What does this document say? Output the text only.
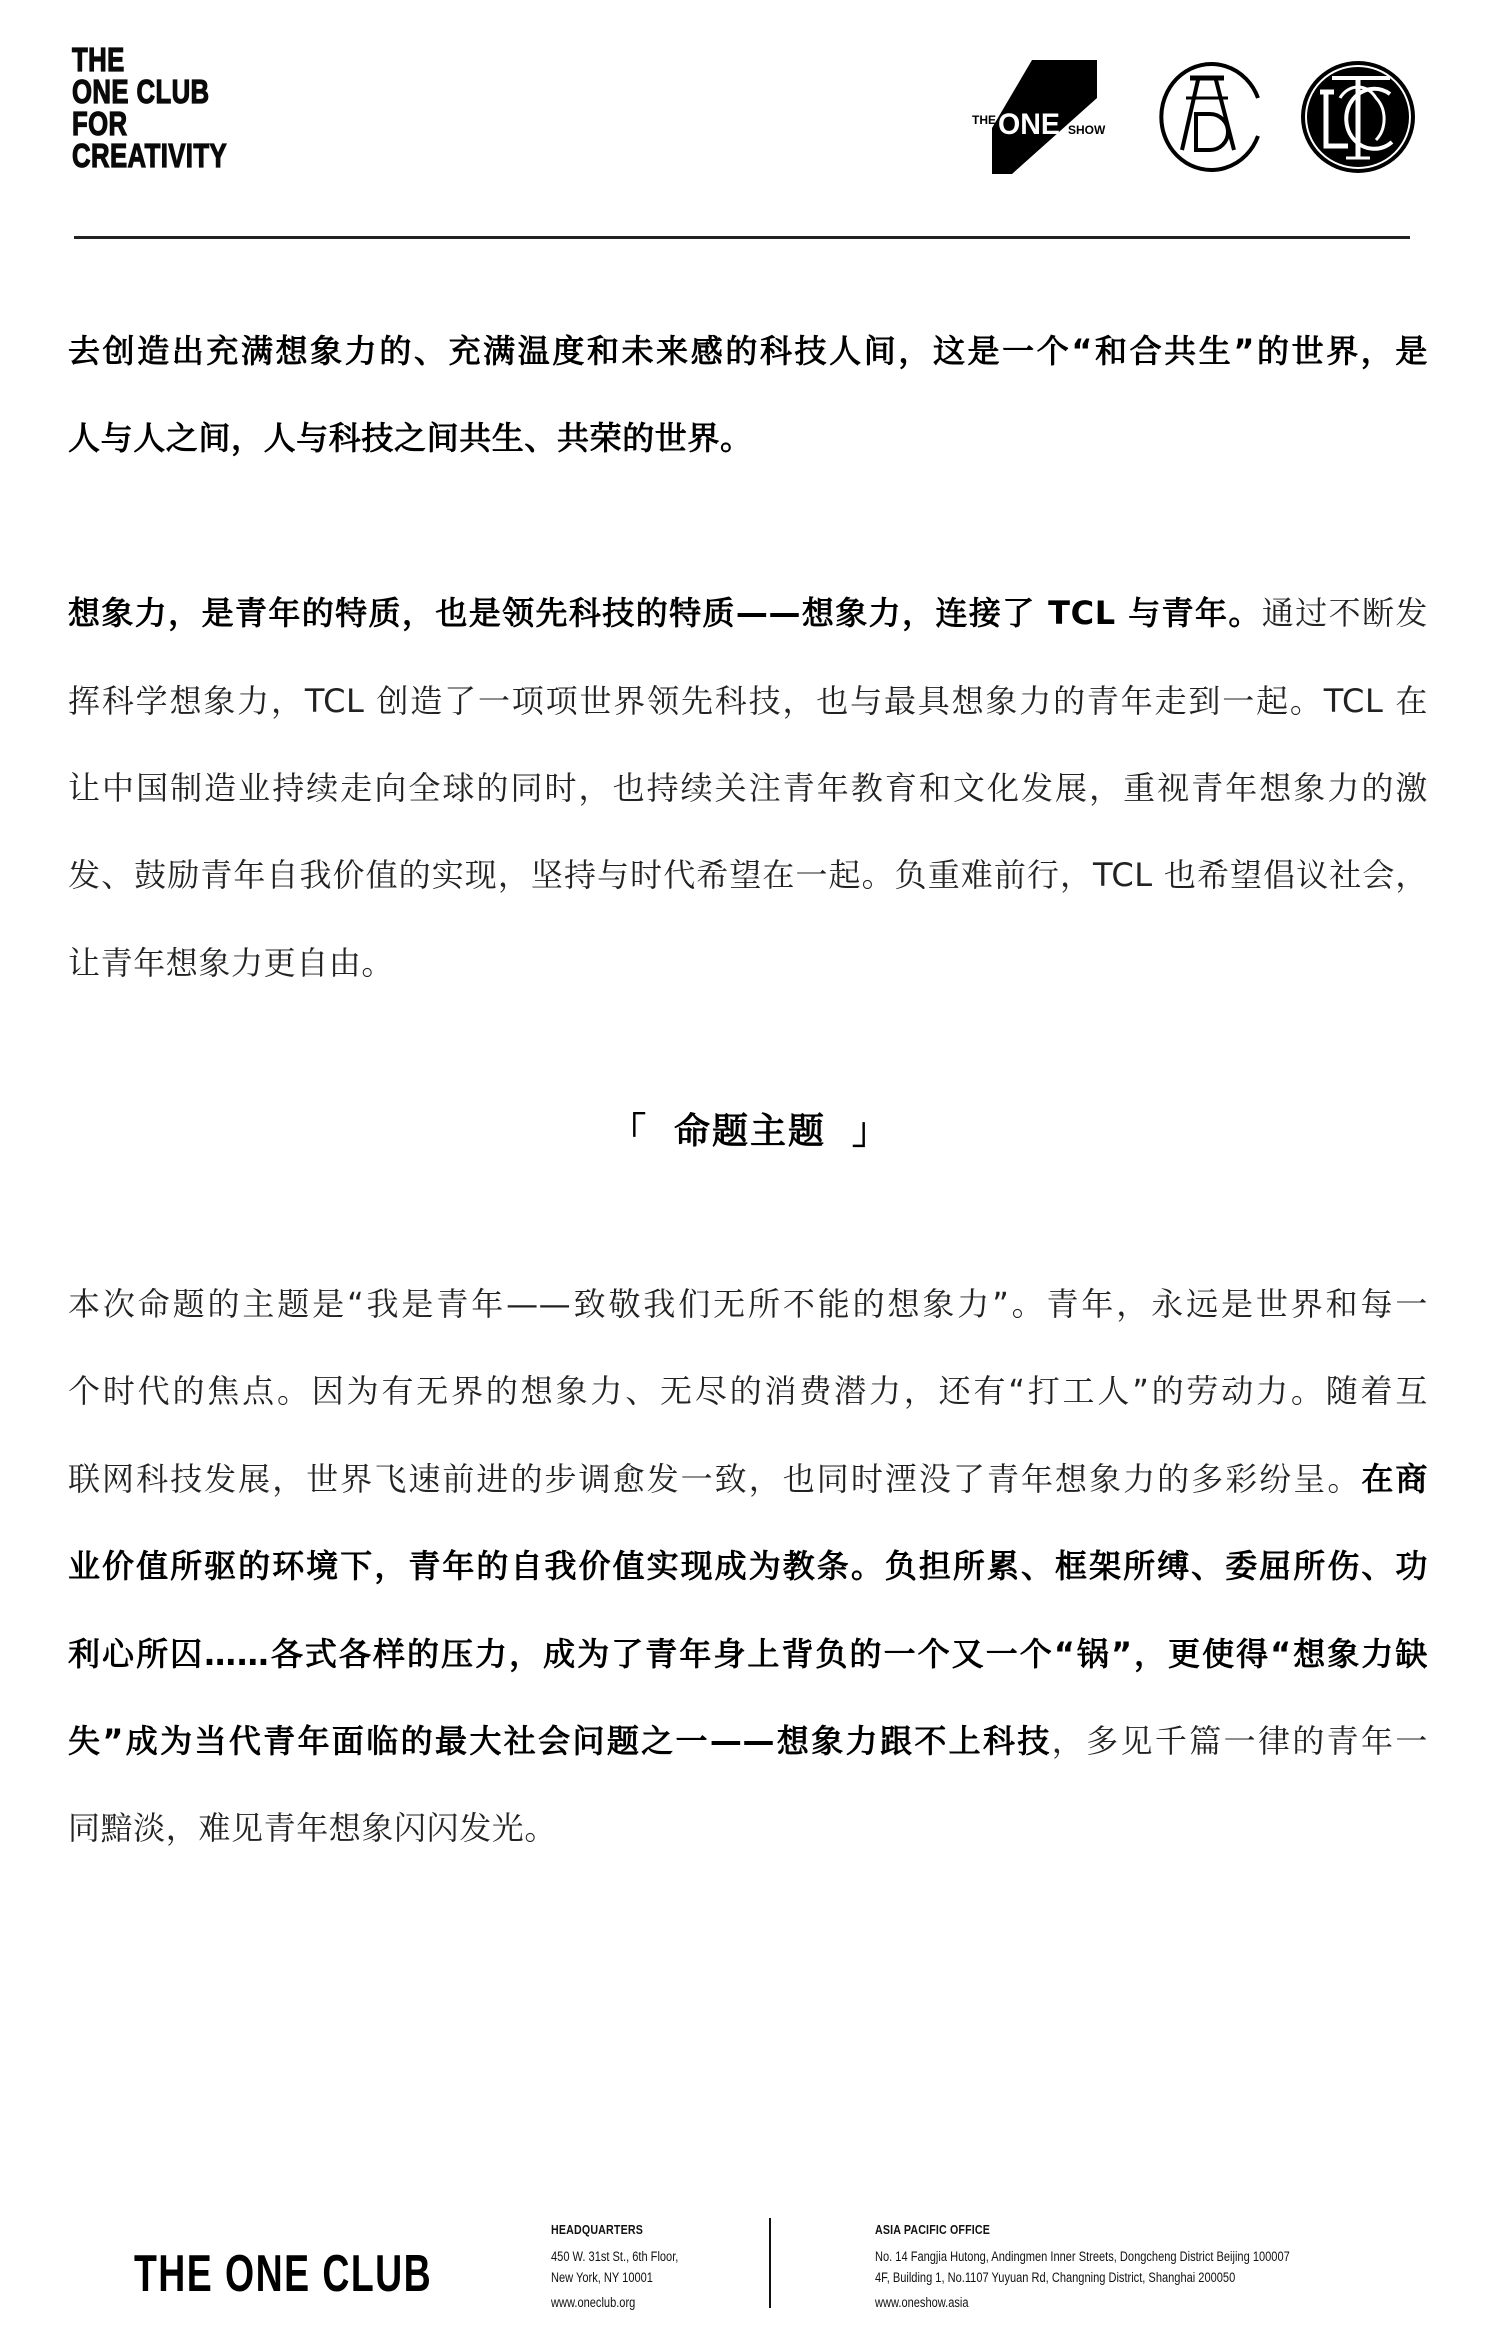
THE
ONE CLUB
FOR
CREATIVITY
THE ONE SHOW
去创造出充满想象力的、充满温度和未来感的科技人间，这是一个“和合共生”的世界，是
人与人之间，人与科技之间共生、共荣的世界。
想象力，是青年的特质，也是领先科技的特质——想象力，连接了 TCL 与青年。通过不断发
挥科学想象力，TCL 创造了一项项世界领先科技，也与最具想象力的青年走到一起。TCL 在
让中国制造业持续走向全球的同时，也持续关注青年教育和文化发展，重视青年想象力的激
发、鼓励青年自我价值的实现，坚持与时代希望在一起。负重难前行，TCL 也希望倡议社会，
让青年想象力更自由。
「 命题主题 」
本次命题的主题是“我是青年——致敬我们无所不能的想象力”。青年，永远是世界和每一
个时代的焦点。因为有无界的想象力、无尽的消费潜力，还有“打工人”的劳动力。随着互
联网科技发展，世界飞速前进的步调愈发一致，也同时湮没了青年想象力的多彩纷呈。在商
业价值所驱的环境下，青年的自我价值实现成为教条。负担所累、框架所缚、委屈所伤、功
利心所囚……各式各样的压力，成为了青年身上背负的一个又一个“锅”，更使得“想象力缺
失”成为当代青年面临的最大社会问题之一——想象力跟不上科技，多见千篇一律的青年一
同黯淡，难见青年想象闪闪发光。
THE ONE CLUB
HEADQUARTERS
450 W. 31st St., 6th Floor,
New York, NY 10001
www.oneclub.org
ASIA PACIFIC OFFICE
No. 14 Fangjia Hutong, Andingmen Inner Streets, Dongcheng District Beijing 100007
4F, Building 1, No.1107 Yuyuan Rd, Changning District, Shanghai 200050
www.oneshow.asia
